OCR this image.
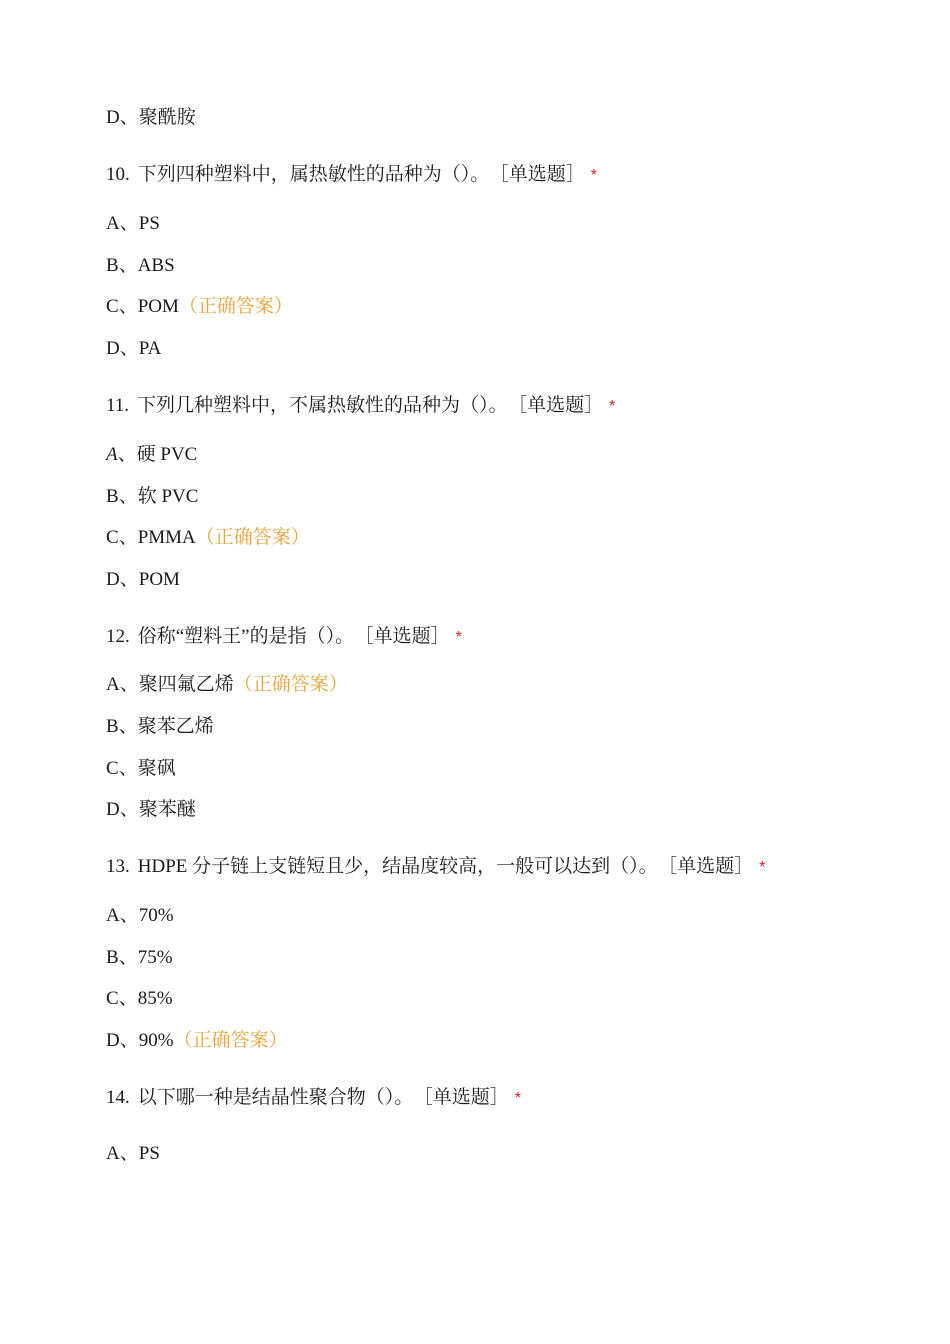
D、聚酰胺
10. 下列四种塑料中，属热敏性的品种为（）。 ［单选题］ *
A、PS
B、ABS
C、POM（正确答案）
D、PA
11. 下列几种塑料中，不属热敏性的品种为（）。 ［单选题］ *
A、硬 PVC
B、软 PVC
C、PMMA（正确答案）
D、POM
12. 俗称“塑料王”的是指（）。 ［单选题］ *
A、聚四氟乙烯（正确答案）
B、聚苯乙烯
C、聚砜
D、聚苯醚
13. HDPE 分子链上支链短且少，结晶度较高，一般可以达到（）。 ［单选题］ *
A、70%
B、75%
C、85%
D、90%（正确答案）
14. 以下哪一种是结晶性聚合物（）。 ［单选题］ *
A、PS
